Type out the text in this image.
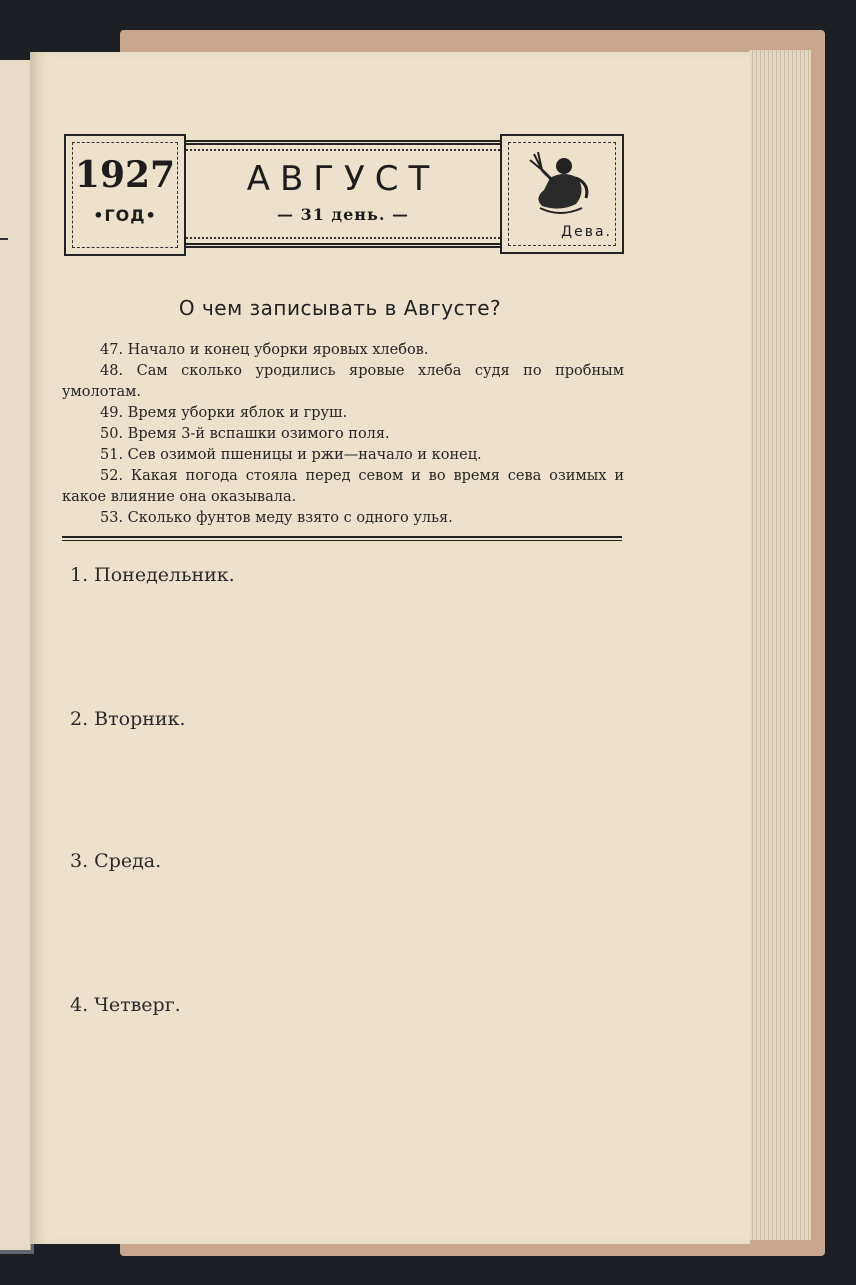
1927
•ГОД•
АВГУСТ
— 31 день. —
Дева.
О чем записывать в Августе?

47. Начало и конец уборки яровых хлебов.

48. Сам сколько уродились яровые хлеба судя по пробным умолотам.

49. Время уборки яблок и груш.

50. Время 3-й вспашки озимого поля.

51. Сев озимой пшеницы и ржи—начало и конец.

52. Какая погода стояла перед севом и во время сева озимых и какое влияние она оказывала.

53. Сколько фунтов меду взято с одного улья.

1. Понедельник.
2. Вторник.
3. Среда.
4. Четверг.
